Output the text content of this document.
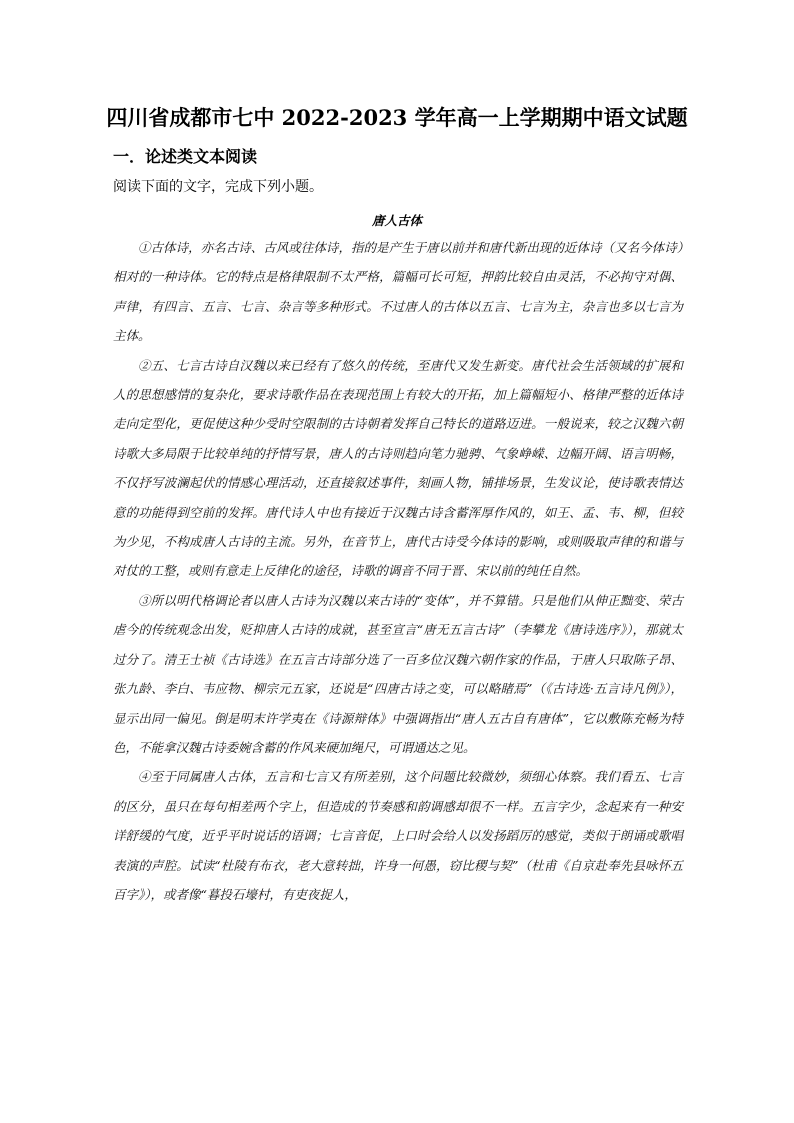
四川省成都市七中 2022-2023 学年高一上学期期中语文试题
一．论述类文本阅读
阅读下面的文字，完成下列小题。
唐人古体

①古体诗，亦名古诗、古风或往体诗，指的是产生于唐以前并和唐代新出现的近体诗（又名今体诗）相对的一种诗体。它的特点是格律限制不太严格，篇幅可长可短，押韵比较自由灵活，不必拘守对偶、声律，有四言、五言、七言、杂言等多种形式。不过唐人的古体以五言、七言为主，杂言也多以七言为主体。

②五、七言古诗自汉魏以来已经有了悠久的传统，至唐代又发生新变。唐代社会生活领域的扩展和人的思想感情的复杂化，要求诗歌作品在表现范围上有较大的开拓，加上篇幅短小、格律严整的近体诗走向定型化，更促使这种少受时空限制的古诗朝着发挥自己特长的道路迈进。一般说来，较之汉魏六朝诗歌大多局限于比较单纯的抒情写景，唐人的古诗则趋向笔力驰骋、气象峥嵘、边幅开阔、语言明畅，不仅抒写波澜起伏的情感心理活动，还直接叙述事件，刻画人物，铺排场景，生发议论，使诗歌表情达意的功能得到空前的发挥。唐代诗人中也有接近于汉魏古诗含蓄浑厚作风的，如王、孟、韦、柳，但较为少见，不构成唐人古诗的主流。另外，在音节上，唐代古诗受今体诗的影响，或则吸取声律的和谐与对仗的工整，或则有意走上反律化的途径，诗歌的调音不同于晋、宋以前的纯任自然。

③所以明代格调论者以唐人古诗为汉魏以来古诗的“变体”，并不算错。只是他们从伸正黜变、荣古虐今的传统观念出发，贬抑唐人古诗的成就，甚至宣言“唐无五言古诗”（李攀龙《唐诗选序》），那就太过分了。清王士祯《古诗选》在五言古诗部分选了一百多位汉魏六朝作家的作品，于唐人只取陈子昂、张九龄、李白、韦应物、柳宗元五家，还说是“四唐古诗之变，可以略睹焉”（《古诗选·五言诗凡例》），显示出同一偏见。倒是明末许学夷在《诗源辩体》中强调指出“唐人五古自有唐体”，它以敷陈充畅为特色，不能拿汉魏古诗委婉含蓄的作风来硬加绳尺，可谓通达之见。

④至于同属唐人古体，五言和七言又有所差别，这个问题比较微妙，须细心体察。我们看五、七言的区分，虽只在每句相差两个字上，但造成的节奏感和韵调感却很不一样。五言字少，念起来有一种安详舒缓的气度，近乎平时说话的语调；七言音促，上口时会给人以发扬蹈厉的感觉，类似于朗诵或歌唱表演的声腔。试读“杜陵有布衣，老大意转拙，许身一何愚，窃比稷与契”（杜甫《自京赴奉先县咏怀五百字》），或者像“暮投石壕村，有吏夜捉人，
